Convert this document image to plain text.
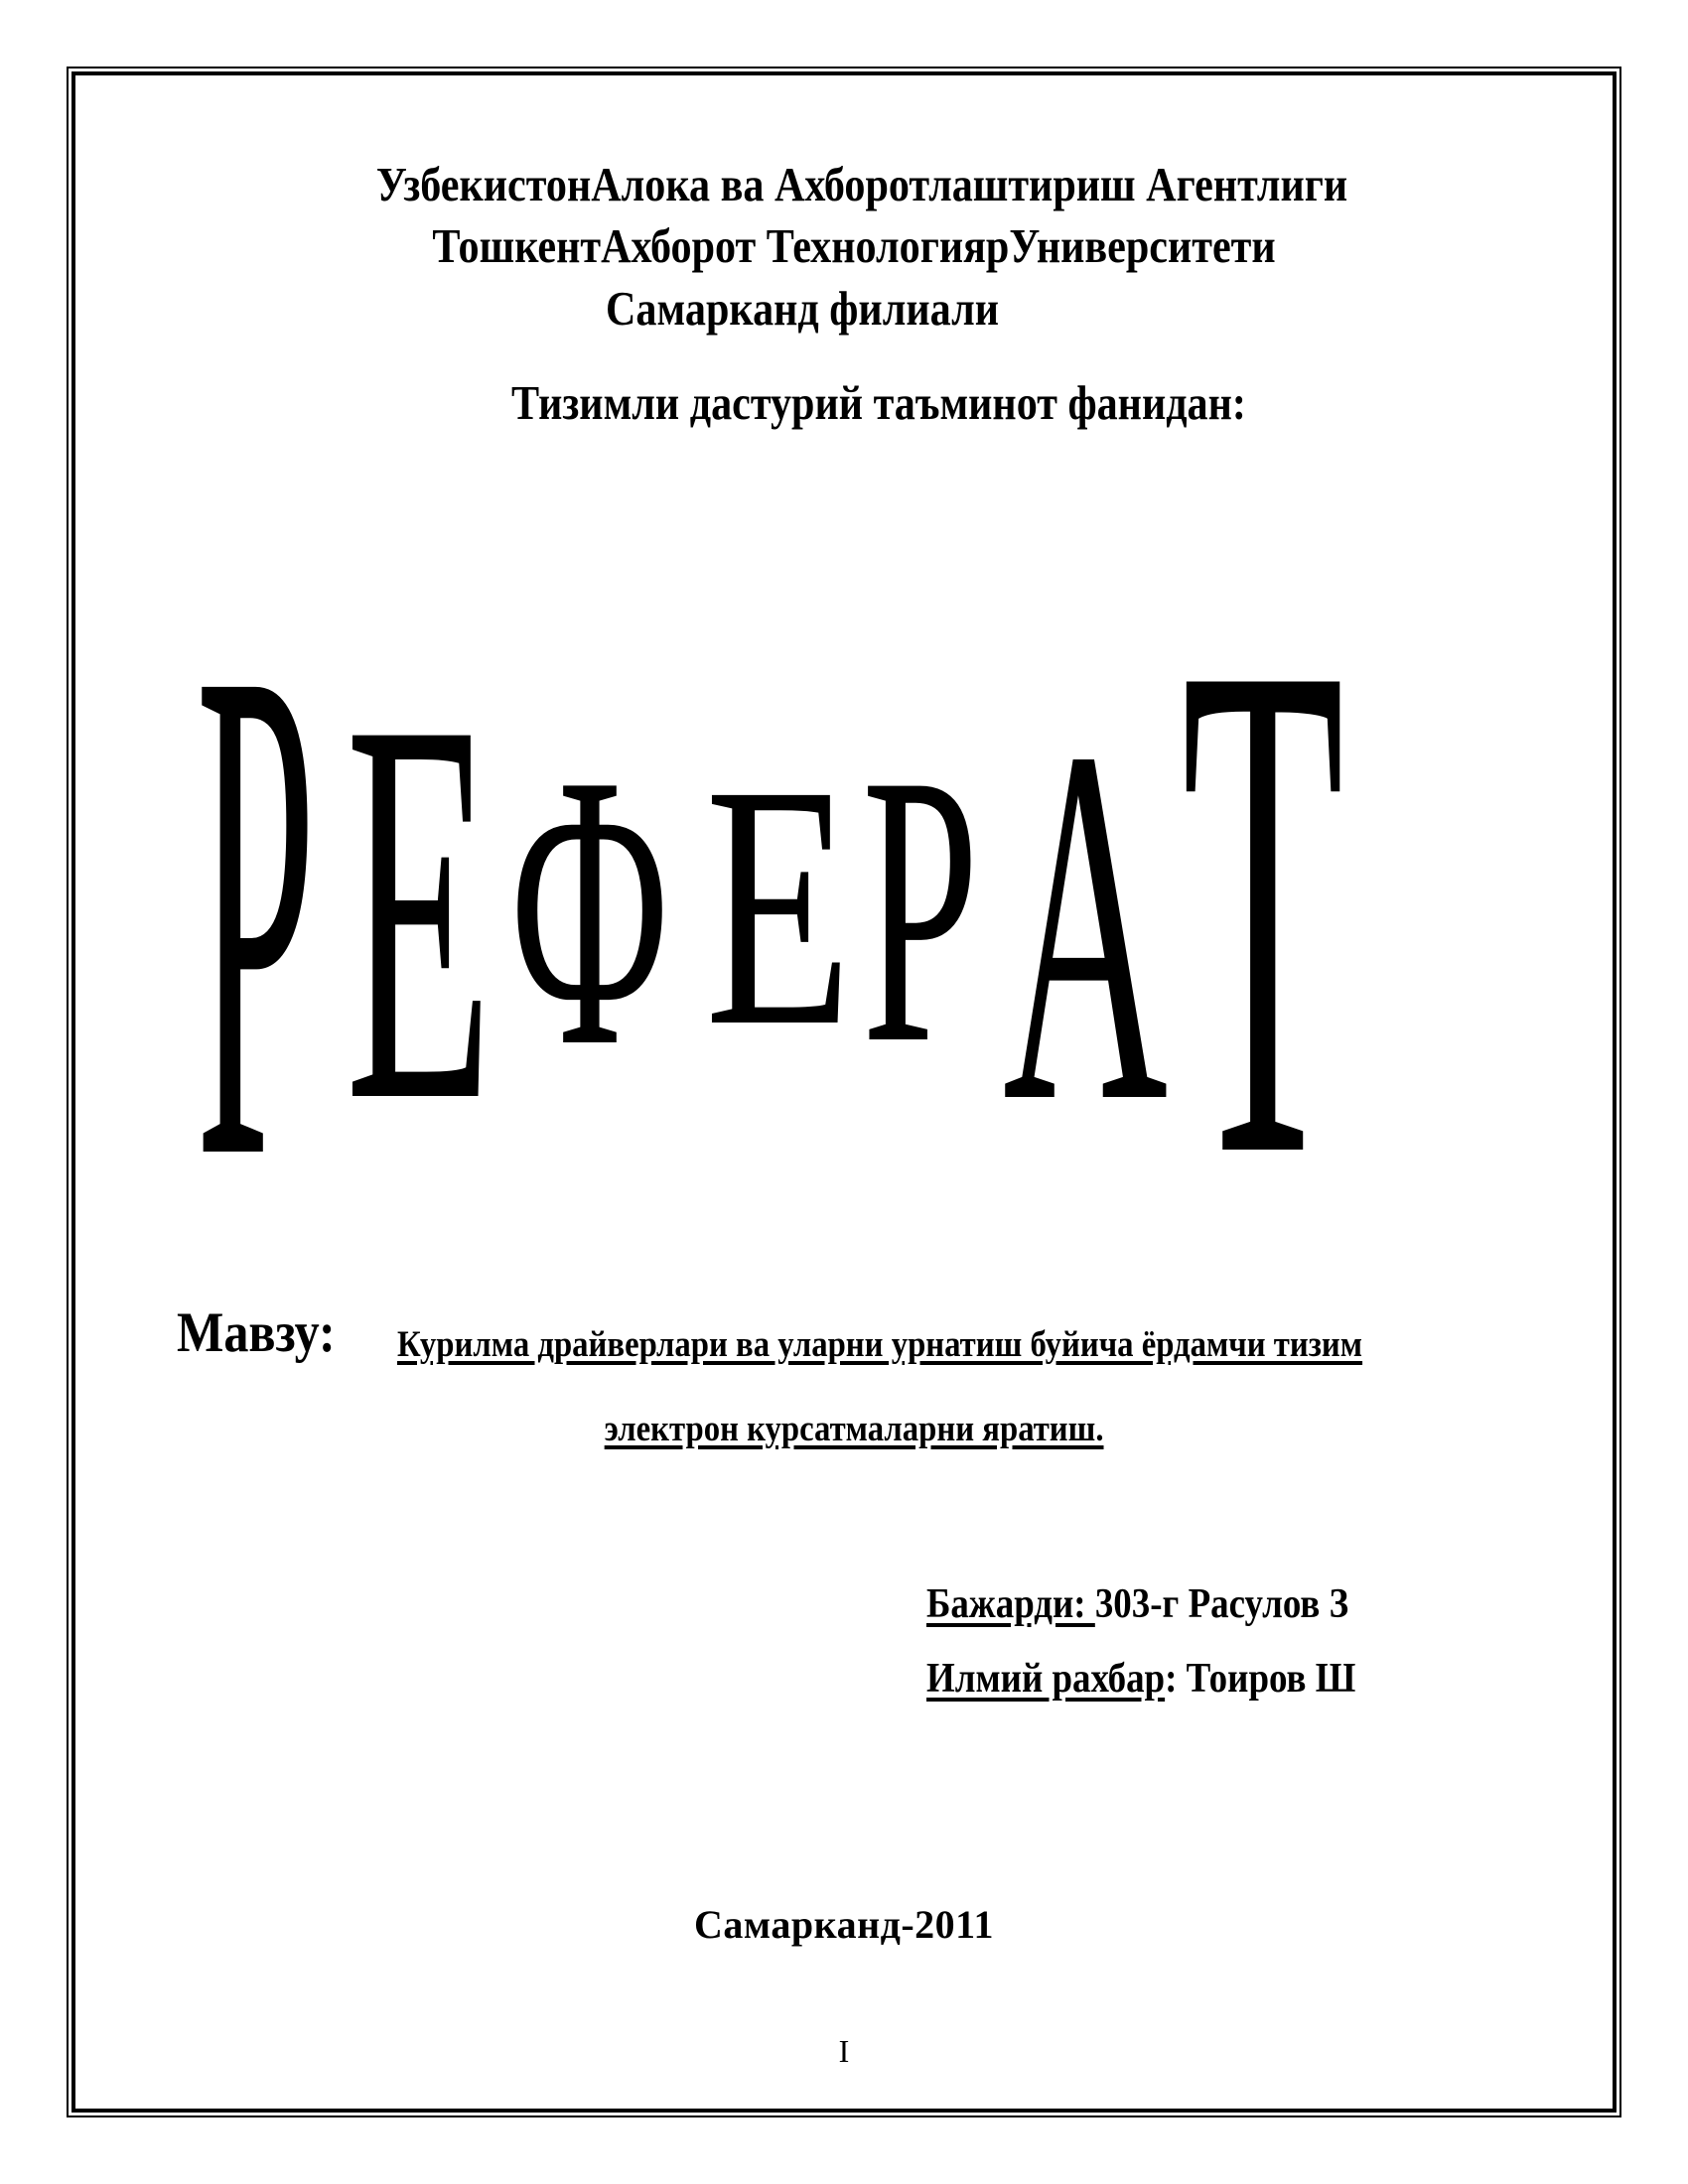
УзбекистонАлока ва Ахборотлаштириш Агентлиги
ТошкентАхборот ТехнологиярУниверситети
Самарканд филиали
Тизимли дастурий таъминот фанидан:
Р Е Ф Е Р А Т
Мавзу: Курилма драйверлари ва уларни урнатиш буйича ёрдамчи тизим
электрон курсатмаларни яратиш.
Бажарди: 303-г Расулов З
Илмий рахбар: Тоиров Ш
Самарканд-2011
I
